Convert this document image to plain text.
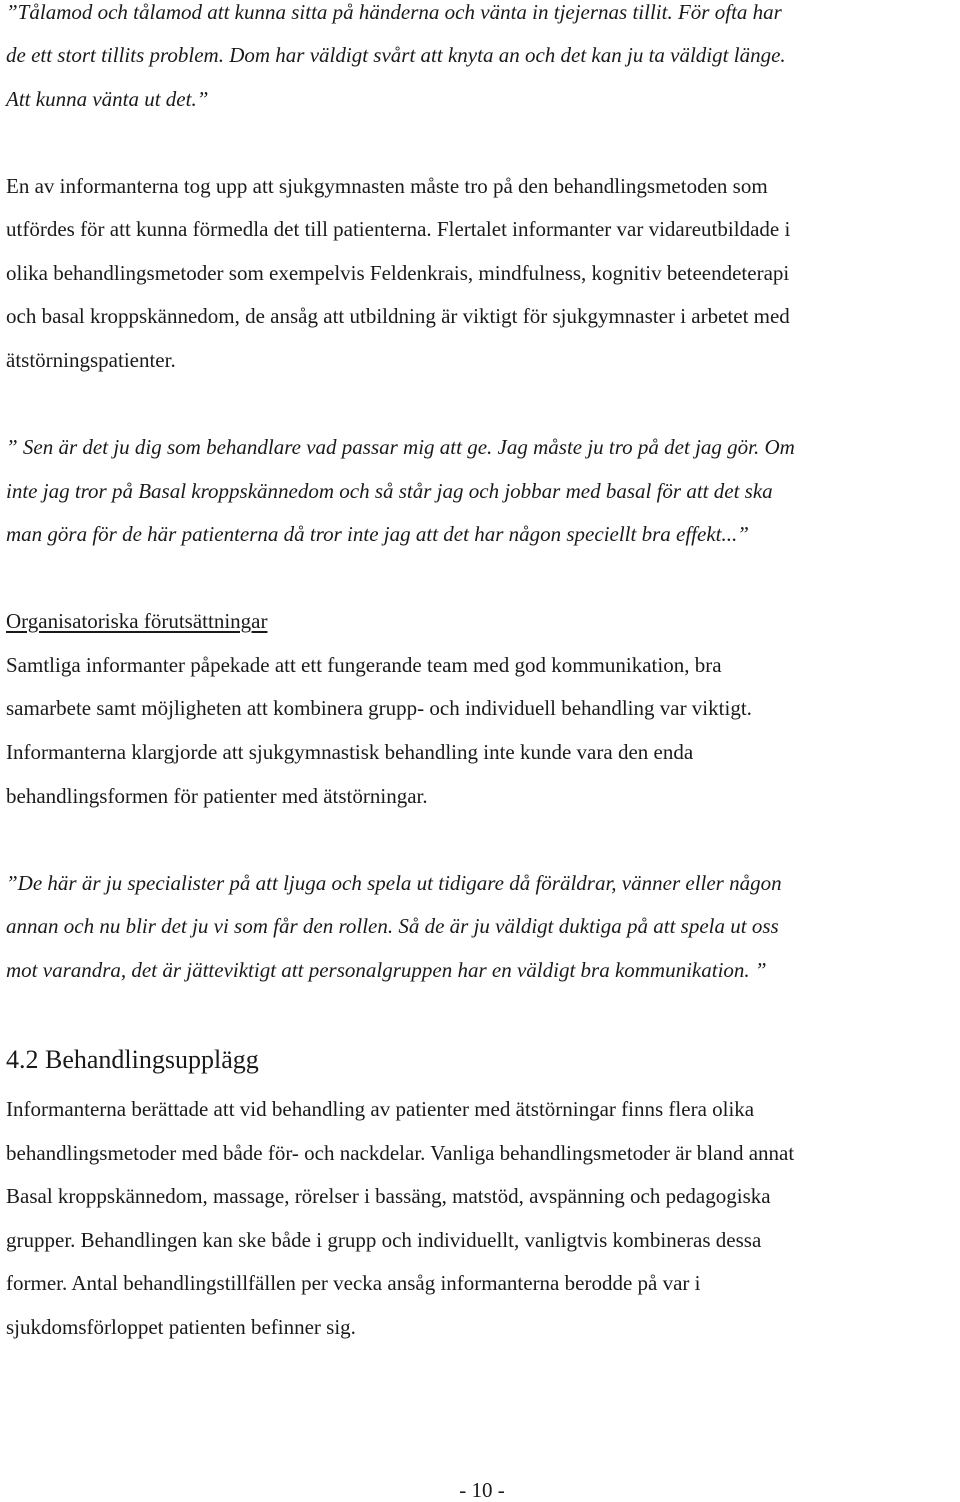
”Tålamod och tålamod att kunna sitta på händerna och vänta in tjejernas tillit. För ofta har
de ett stort tillits problem. Dom har väldigt svårt att knyta an och det kan ju ta väldigt länge.
Att kunna vänta ut det.”
En av informanterna tog upp att sjukgymnasten måste tro på den behandlingsmetoden som
utfördes för att kunna förmedla det till patienterna. Flertalet informanter var vidareutbildade i
olika behandlingsmetoder som exempelvis Feldenkrais, mindfulness, kognitiv beteendeterapi
och basal kroppskännedom, de ansåg att utbildning är viktigt för sjukgymnaster i arbetet med
ätstörningspatienter.
” Sen är det ju dig som behandlare vad passar mig att ge. Jag måste ju tro på det jag gör. Om
inte jag tror på Basal kroppskännedom och så står jag och jobbar med basal för att det ska
man göra för de här patienterna då tror inte jag att det har någon speciellt bra effekt...”
Organisatoriska förutsättningar
Samtliga informanter påpekade att ett fungerande team med god kommunikation, bra
samarbete samt möjligheten att kombinera grupp- och individuell behandling var viktigt.
Informanterna klargjorde att sjukgymnastisk behandling inte kunde vara den enda
behandlingsformen för patienter med ätstörningar.
”De här är ju specialister på att ljuga och spela ut tidigare då föräldrar, vänner eller någon
annan och nu blir det ju vi som får den rollen. Så de är ju väldigt duktiga på att spela ut oss
mot varandra, det är jätteviktigt att personalgruppen har en väldigt bra kommunikation. ”
4.2 Behandlingsupplägg
Informanterna berättade att vid behandling av patienter med ätstörningar finns flera olika
behandlingsmetoder med både för- och nackdelar. Vanliga behandlingsmetoder är bland annat
Basal kroppskännedom, massage, rörelser i bassäng, matstöd, avspänning och pedagogiska
grupper. Behandlingen kan ske både i grupp och individuellt, vanligtvis kombineras dessa
former. Antal behandlingstillfällen per vecka ansåg informanterna berodde på var i
sjukdomsförloppet patienten befinner sig.
- 10 -
